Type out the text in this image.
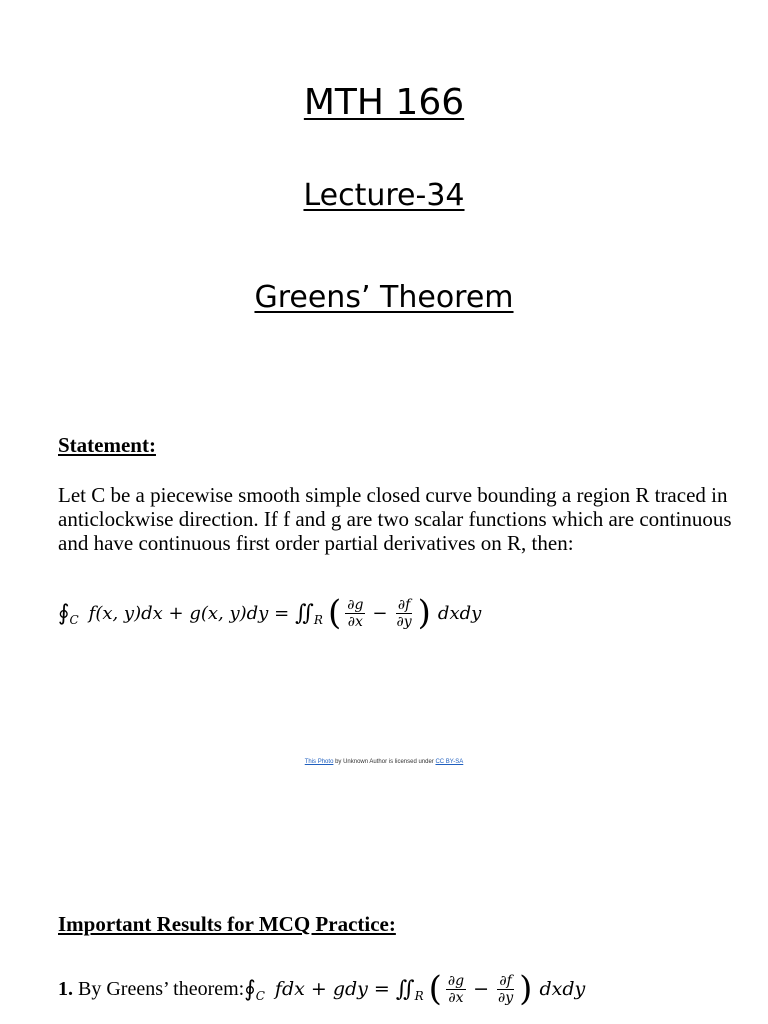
MTH 166
Lecture-34
Greens’ Theorem
Statement:
Let C be a piecewise smooth simple closed curve bounding a region R traced in anticlockwise direction. If f and g are two scalar functions which are continuous and have continuous first order partial derivatives on R, then:
∮ C f(x, y)dx + g(x, y)dy = ∬ R ( $\frac{\partial g}{\partial x} - \frac{\partial f}{\partial y}$ ) dxdy
This Photo by Unknown Author is licensed under CC BY-SA
Important Results for MCQ Practice:
1. By Greens’ theorem: ∮ C fdx + gdy = ∬ R ( $\frac{\partial g}{\partial x} - \frac{\partial f}{\partial y}$ ) dxdy
